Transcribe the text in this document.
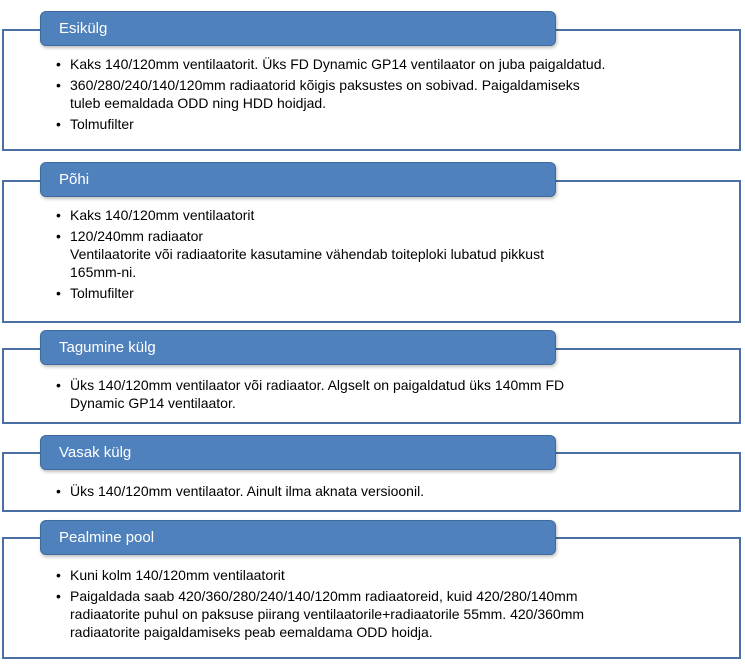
Esikülg
• Kaks 140/120mm ventilaatorit. Üks FD Dynamic GP14 ventilaator on juba paigaldatud.
• 360/280/240/140/120mm radiaatorid kõigis paksustes on sobivad. Paigaldamiseks
tuleb eemaldada ODD ning HDD hoidjad.
• Tolmufilter
Põhi
• Kaks 140/120mm ventilaatorit
• 120/240mm radiaator
Ventilaatorite või radiaatorite kasutamine vähendab toiteploki lubatud pikkust
165mm-ni.
• Tolmufilter
Tagumine külg
• Üks 140/120mm ventilaator või radiaator. Algselt on paigaldatud üks 140mm FD
Dynamic GP14 ventilaator.
Vasak külg
• Üks 140/120mm ventilaator. Ainult ilma aknata versioonil.
Pealmine pool
• Kuni kolm 140/120mm ventilaatorit
• Paigaldada saab 420/360/280/240/140/120mm radiaatoreid, kuid 420/280/140mm
radiaatorite puhul on paksuse piirang ventilaatorile+radiaatorile 55mm. 420/360mm
radiaatorite paigaldamiseks peab eemaldama ODD hoidja.
